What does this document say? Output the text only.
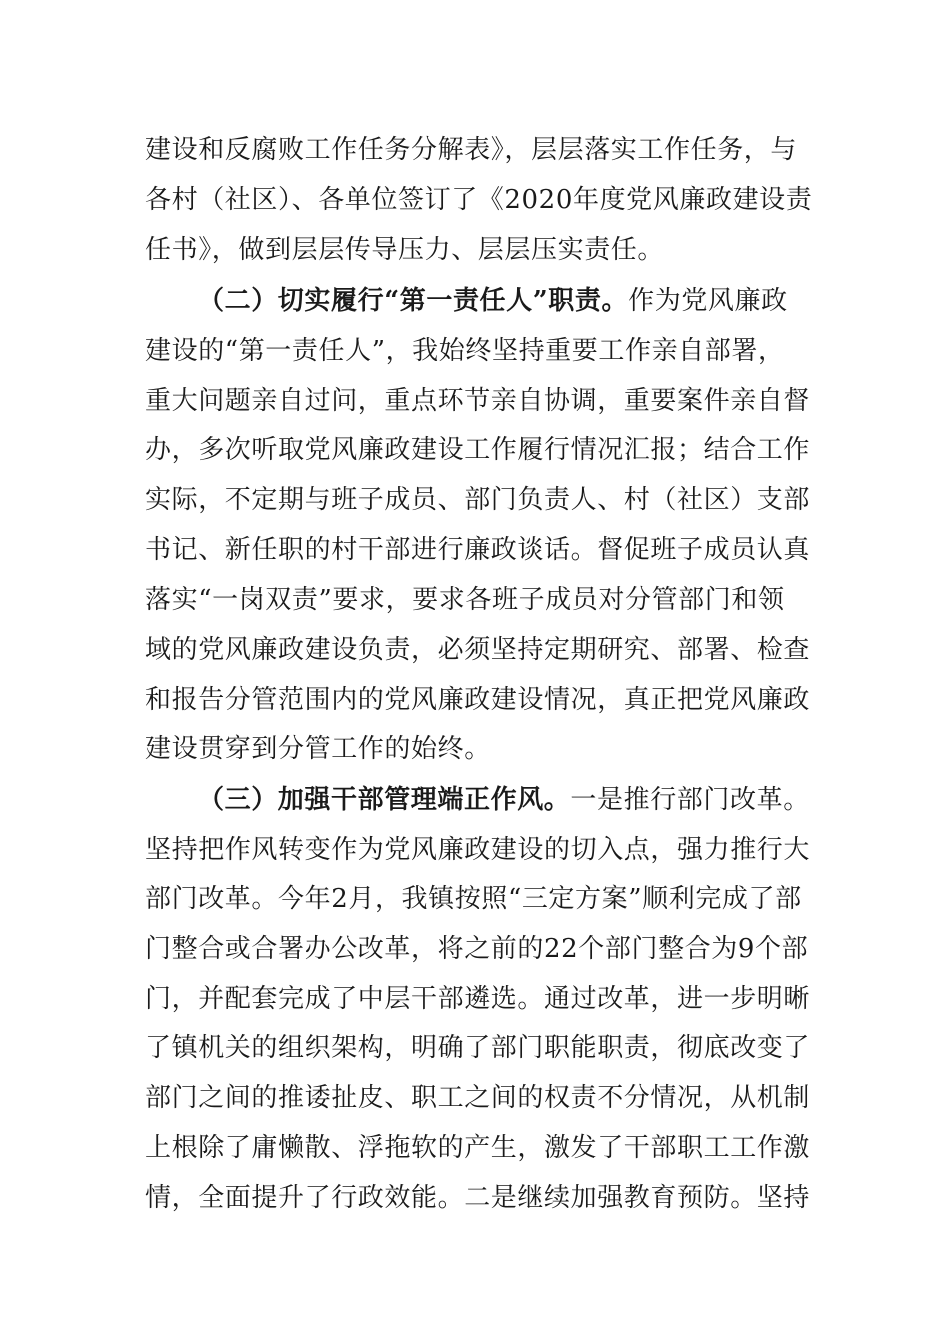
建设和反腐败工作任务分解表》，层层落实工作任务，与
各村（社区）、各单位签订了《2020年度党风廉政建设责
任书》，做到层层传导压力、层层压实责任。
（二）切实履行“第一责任人”职责。作为党风廉政
建设的“第一责任人”，我始终坚持重要工作亲自部署，
重大问题亲自过问，重点环节亲自协调，重要案件亲自督
办，多次听取党风廉政建设工作履行情况汇报；结合工作
实际，不定期与班子成员、部门负责人、村（社区）支部
书记、新任职的村干部进行廉政谈话。督促班子成员认真
落实“一岗双责”要求，要求各班子成员对分管部门和领
域的党风廉政建设负责，必须坚持定期研究、部署、检查
和报告分管范围内的党风廉政建设情况，真正把党风廉政
建设贯穿到分管工作的始终。
（三）加强干部管理端正作风。一是推行部门改革。
坚持把作风转变作为党风廉政建设的切入点，强力推行大
部门改革。今年2月，我镇按照“三定方案”顺利完成了部
门整合或合署办公改革，将之前的22个部门整合为9个部
门，并配套完成了中层干部遴选。通过改革，进一步明晰
了镇机关的组织架构，明确了部门职能职责，彻底改变了
部门之间的推诿扯皮、职工之间的权责不分情况，从机制
上根除了庸懒散、浮拖软的产生，激发了干部职工工作激
情，全面提升了行政效能。二是继续加强教育预防。坚持
